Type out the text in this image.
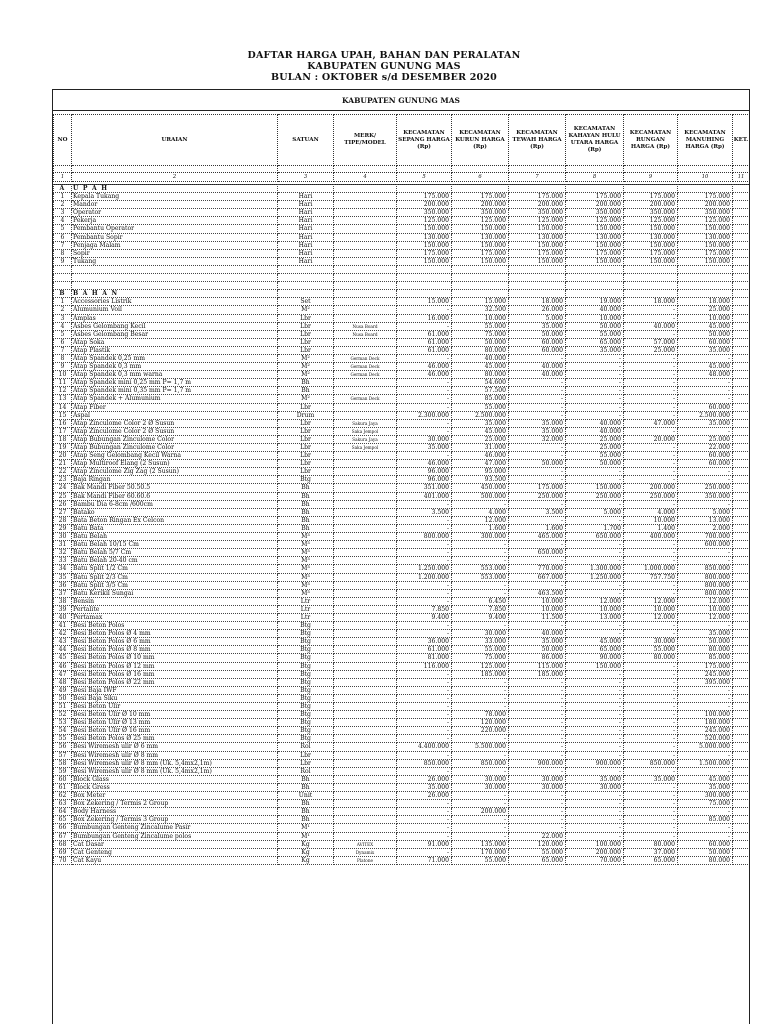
DAFTAR HARGA UPAH, BAHAN DAN PERALATAN
KABUPATEN GUNUNG MAS
BULAN : OKTOBER s/d DESEMBER 2020
KABUPATEN GUNUNG MAS
NO	URAIAN	SATUAN	MERK/ TIPE/MODEL	KECAMATAN SEPANG HARGA (Rp)	KECAMATAN KURUN HARGA (Rp)	KECAMATAN TEWAH HARGA (Rp)	KECAMATAN KAHAYAN HULU UTARA HARGA (Rp)	KECAMATAN RUNGAN HARGA (Rp)	KECAMATAN MANUHING HARGA (Rp)	KET.

1	2	3	4	5	6	7	8	9	10	11
A	U P A H									
1	Kepala Tukang	Hari		175.000	175.000	175.000	175.000	175.000	175.000	
2	Mandor	Hari		200.000	200.000	200.000	200.000	200.000	200.000	
3	Operator	Hari		350.000	350.000	350.000	350.000	350.000	350.000	
4	Pekerja	Hari		125.000	125.000	125.000	125.000	125.000	125.000	
5	Pembantu Operator	Hari		150.000	150.000	150.000	150.000	150.000	150.000	
6	Pembantu Sopir	Hari		130.000	130.000	130.000	130.000	130.000	130.000	
7	Penjaga Malam	Hari		150.000	150.000	150.000	150.000	150.000	150.000	
8	Sopir	Hari		175.000	175.000	175.000	175.000	175.000	175.000	
9	Tukang	Hari		150.000	150.000	150.000	150.000	150.000	150.000	

B	B A H A N									
1	Accessories Listrik	Set		15.000	15.000	18.000	19.000	18.000	18.000	
2	Alumunium Voil	M²		-	32.500	26.000	40.000	-	25.000	
3	Amplas	Lbr		16.000	10.000	5.000	10.000	-	10.000	
4	Asbes Gelombang Kecil	Lbr	Nusa Board	-	55.000	35.000	50.000	40.000	45.000	
5	Asbes Gelombang Besar	Lbr	Nusa Board	61.000	75.000	50.000	55.000	-	50.000	
6	Atap Soka	Lbr		61.000	50.000	60.000	65.000	57.000	60.000	
7	Atap Plastik	Lbr		61.000	80.000	60.000	35.000	25.000	35.000	
8	Atap Spandek 0,25 mm	M²	German Deck	-	40.000	-	-	-	-	
9	Atap Spandek 0,3 mm	M²	German Deck	46.000	45.000	40.000	-	-	45.000	
10	Atap Spandek 0,3 mm warna	M²	German Deck	46.000	80.000	40.000	-	-	48.000	
11	Atap Spandek mini 0,25 mm P= 1,7 m	Bh		-	54.600	-	-	-	-	
12	Atap Spandek mini 0,35 mm P= 1,7 m	Bh		-	57.500	-	-	-	-	
13	Atap Spandek + Alumunium	M²	German Deck	-	85.000	-	-	-	-	
14	Atap Fiber	Lbr		-	55.000	-	-	-	60.000	
15	Aspal	Drum		2.300.000	2.500.000	-	-	-	2.500.000	
16	Atap Zinculome Color 2 Ø Susun	Lbr	Sakura Jaya	-	35.000	35.000	40.000	47.000	35.000	
17	Atap Zinculome Color 2 Ø Susun	Lbr	Saka Jempol	-	45.000	35.000	40.000	-	-	
18	Atap Bubungan Zinculome Color	Lbr	Sakura Jaya	30.000	25.000	32.000	25.000	20.000	25.000	
19	Atap Bubungan Zinculome Color	Lbr	Saka Jempol	35.000	31.000	-	25.000	-	22.000	
20	Atap Seng Gelombang Kecil Warna	Lbr		-	46.000	-	55.000	-	60.000	
21	Atap Multiroof Elang (2 Susun)	Lbr		46.000	47.000	50.000	50.000	-	60.000	
22	Atap Zinculome Zig Zag (2 Susun)	Lbr		96.000	95.000	-	-	-	-	
23	Baja Ringan	Btg		96.000	93.500	-	-	-	-	
24	Bak Mandi Fiber 50.50.5	Bh		351.000	450.000	175.000	150.000	200.000	250.000	
25	Bak Mandi Fiber 60.60.6	Bh		401.000	500.000	250.000	250.000	250.000	350.000	
26	Bambu Dia 6-8cm /600cm	Bh		-	-	-	-	-	-	
27	Batako	Bh		3.500	4.000	3.500	5.000	4.000	5.000	
28	Bata Beton Ringan Ex Celcon	Bh		-	12.000	-	-	10.000	13.000	
29	Batu Bata	Bh		-	1.600	1.600	1.700	1.400	2.000	
30	Batu Belah	M³		800.000	300.000	465.000	650.000	400.000	700.000	
31	Batu Belah 10/15 Cm	M³		-	-	-	-	-	600.000	
32	Batu Belah 5/7 Cm	M³		-	-	650.000	-	-	-	
33	Batu Belah 20-40 cm	M³		-	-	-	-	-	-	
34	Batu Split 1/2 Cm	M³		1.250.000	553.000	770.000	1.300.000	1.000.000	850.000	
35	Batu Split 2/3 Cm	M³		1.200.000	553.000	667.000	1.250.000	757.750	800.000	
36	Batu Split 3/5 Cm	M³		-	-	-	-	-	800.000	
37	Batu Kerikil Sungai	M³		-	-	463.500	-	-	800.000	
38	Bensin	Ltr		-	6.450	10.000	12.000	12.000	12.000	
39	Pertalite	Ltr		7.850	7.850	10.000	10.000	10.000	10.000	
40	Pertamax	Ltr		9.400	9.400	11.500	13.000	12.000	12.000	
41	Besi Beton Polos	Btg		-	-	-	-	-	-	
42	Besi Beton Polos Ø 4 mm	Btg		-	30.000	40.000	-	-	35.000	
43	Besi Beton Polos Ø 6 mm	Btg		36.000	33.000	35.000	45.000	30.000	50.000	
44	Besi Beton Polos Ø 8 mm	Btg		61.000	55.000	50.000	65.000	55.000	80.000	
45	Besi Beton Polos Ø 10 mm	Btg		81.000	75.000	86.000	90.000	80.000	85.000	
46	Besi Beton Polos Ø 12 mm	Btg		116.000	125.000	115.000	150.000	-	175.000	
47	Besi Beton Polos Ø 16 mm	Btg		-	185.000	185.000	-	-	245.000	
48	Besi Beton Polos Ø 22 mm	Btg		-	-	-	-	-	395.000	
49	Besi Baja IWF	Btg		-	-	-	-	-	-	
50	Besi Baja Siku	Btg		-	-	-	-	-	-	
51	Besi Beton Ulir	Btg		-	-	-	-	-	-	
52	Besi Beton Ulir Ø 10 mm	Btg		-	78.000	-	-	-	100.000	
53	Besi Beton Ulir Ø 13 mm	Btg		-	120.000	-	-	-	180.000	
54	Besi Beton Ulir Ø 16 mm	Btg		-	220.000	-	-	-	245.000	
55	Besi Beton Polos Ø 25 mm	Btg		-	-	-	-	-	520.000	
56	Besi Wiremesh ulir Ø 6 mm	Rol		4.400.000	5.500.000	-	-	-	5.000.000	
57	Besi Wiremesh ulir Ø 8 mm	Lbr		-	-	-	-	-	-	
58	Besi Wiremesh ulir Ø 8 mm (Uk. 5,4mx2,1m)	Lbr		850.000	850.000	900.000	900.000	850.000	1.500.000	
59	Besi Wiremesh ulir Ø 8 mm (Uk. 5,4mx2,1m)	Rol		-	-	-	-	-	-	
60	Block Glass	Bh		26.000	30.000	30.000	35.000	35.000	45.000	
61	Block Gress	Bh		35.000	30.000	30.000	30.000	-	35.000	
62	Box Meter	Unit		26.000	-	-	-	-	300.000	
63	Box Zekering / Termis 2 Group	Bh		-	-	-	-	-	75.000	
64	Body Harness	Bh		-	200.000	-	-	-	-	
65	Box Zekering / Termis 3 Group	Bh		-	-	-	-	-	85.000	
66	Bumbungan Genteng Zincalume Pasir	M¹		-	-	-	-	-	-	
67	Bumbungan Genteng Zincalume polos	M¹		-	-	22.000	-	-	-	
68	Cat Dasar	Kg	AVITEX	91.000	135.000	120.000	100.000	80.000	60.000	
69	Cat Genteng	Kg	Dynamix	-	170.000	55.000	200.000	37.000	50.000	
70	Cat Kayu	Kg	Platone	71.000	55.000	65.000	70.000	65.000	80.000	
